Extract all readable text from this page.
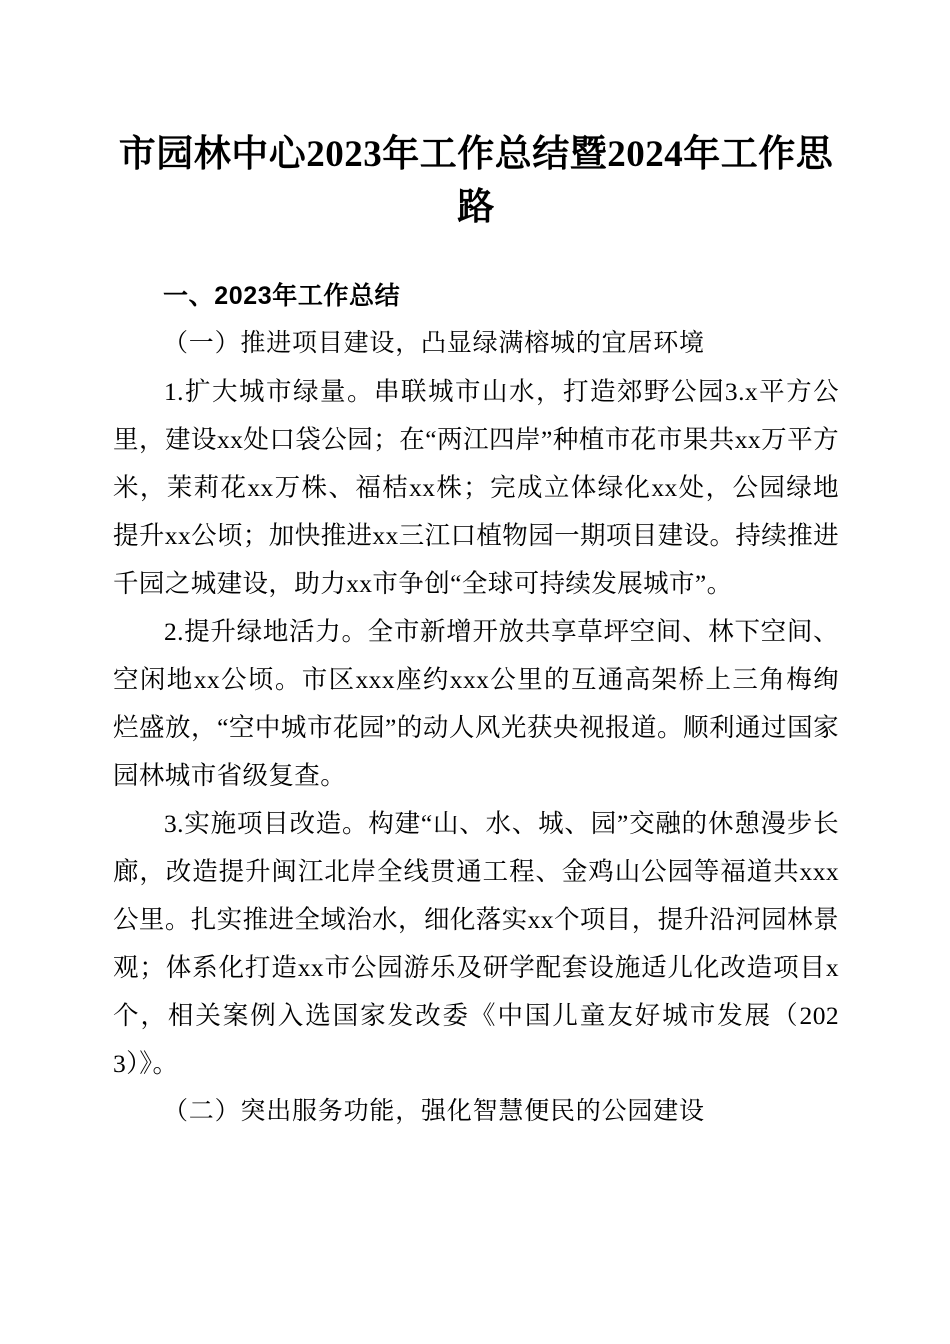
市园林中心2023年工作总结暨2024年工作思路

一、2023年工作总结

（一）推进项目建设，凸显绿满榕城的宜居环境

1.扩大城市绿量。串联城市山水，打造郊野公园3.x平方公里，建设xx处口袋公园；在“两江四岸”种植市花市果共xx万平方米，茉莉花xx万株、福桔xx株；完成立体绿化xx处，公园绿地提升xx公顷；加快推进xx三江口植物园一期项目建设。持续推进千园之城建设，助力xx市争创“全球可持续发展城市”。

2.提升绿地活力。全市新增开放共享草坪空间、林下空间、空闲地xx公顷。市区xxx座约xxx公里的互通高架桥上三角梅绚烂盛放，“空中城市花园”的动人风光获央视报道。顺利通过国家园林城市省级复查。

3.实施项目改造。构建“山、水、城、园”交融的休憩漫步长廊，改造提升闽江北岸全线贯通工程、金鸡山公园等福道共xxx公里。扎实推进全域治水，细化落实xx个项目，提升沿河园林景观；体系化打造xx市公园游乐及研学配套设施适儿化改造项目x个，相关案例入选国家发改委《中国儿童友好城市发展（2023）》。

（二）突出服务功能，强化智慧便民的公园建设
